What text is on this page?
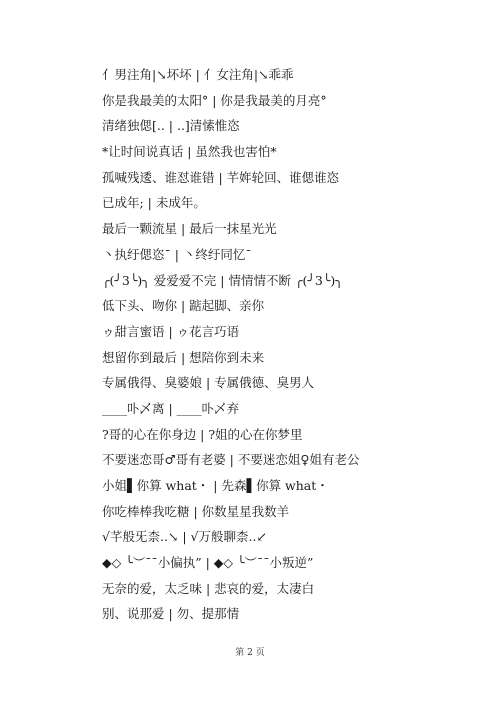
亻男注角|↘坏坏 | 亻女注角|↘乖乖
你是我最美的太阳° | 你是我最美的月亮°
清绪独偲[.. | ..]清愫惟恣
*让时间说真话 | 虽然我也害怕*
孤喊残逶、谁怼谁错 | 芊姩轮回、谁偲谁恣
已成年; | 未成年。
最后一颗流星 | 最后一抹星光光
丶执纡偲恣¯ | 丶终纡同忆¯
╭(╯3╰)╮ 爱爱爱不完 | 情情情不断 ╭(╯3╰)╮
低下头、吻你 | 踮起脚、亲你
ゥ甜言蜜语 | ゥ花言巧语
想留你到最后 | 想陪你到未来
专属俄得、臭婆娘 | 专属俄德、臭男人
____卟乄离 | ____卟乄弃
?哥的心在你身边 | ?姐的心在你梦里
不要迷恋哥♂哥有老婆 | 不要迷恋姐♀姐有老公
小姐▌你算 what・ | 先森▌你算 what・
你吃棒棒我吃糖 | 你数星星我数羊
√芊般旡柰..↘ | √万般聊柰..↙
◆◇ ╰︶¯ˉ小偏执” | ◆◇ ╰︶¯ˉ小叛逆”
无奈的爱，太乏味 | 悲哀的爱，太凄白
别、说那爱 | 勿、提那情
第 2 页
